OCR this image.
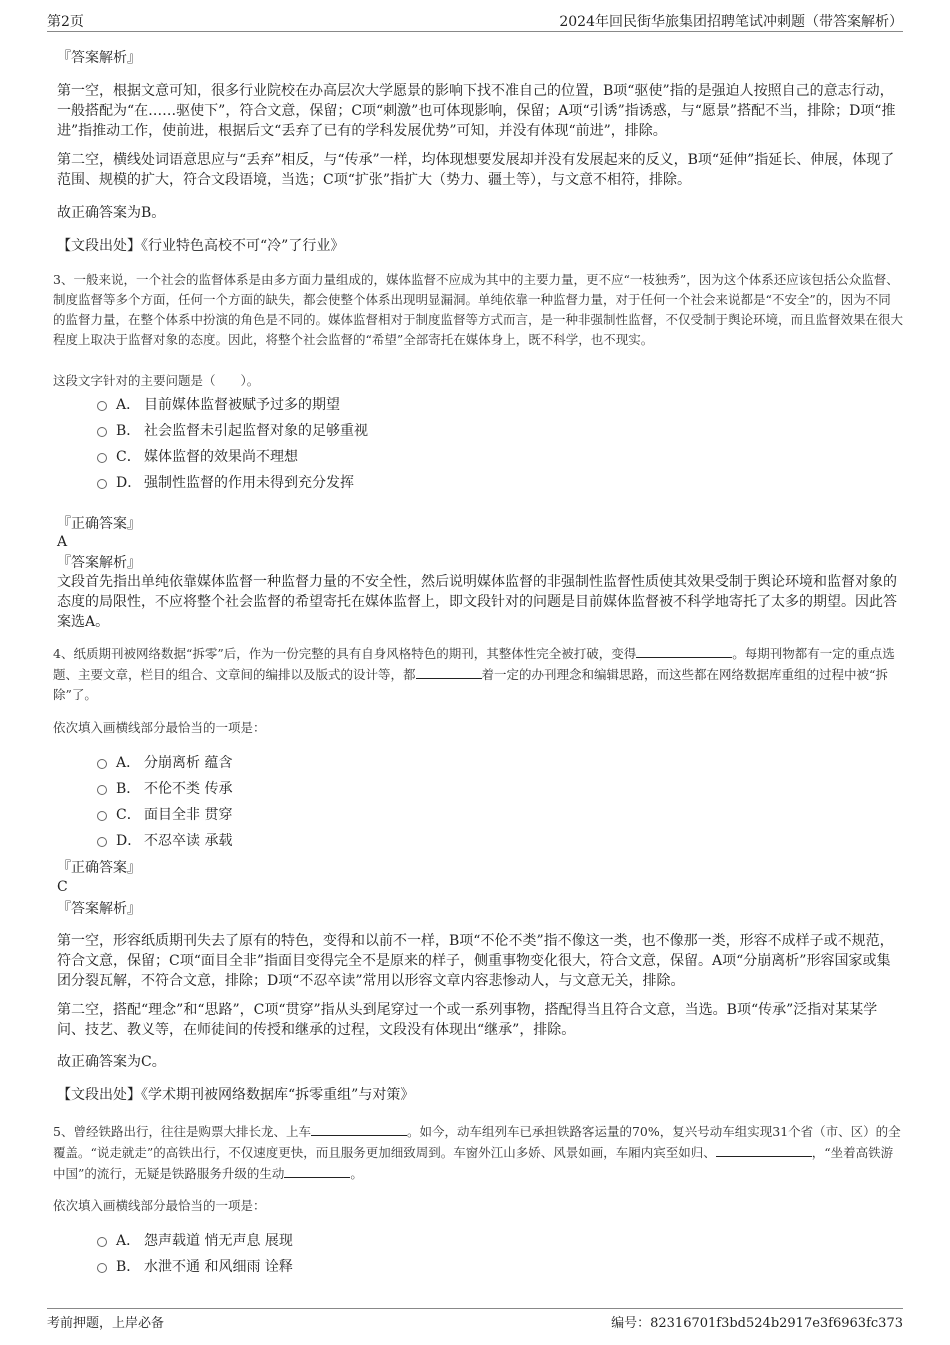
第2页	2024年回民街华旅集团招聘笔试冲刺题（带答案解析）
『答案解析』
第一空，根据文意可知，很多行业院校在办高层次大学愿景的影响下找不准自己的位置，B项“驱使”指的是强迫人按照自己的意志行动，一般搭配为“在……驱使下”，符合文意，保留；C项“刺激”也可体现影响，保留；A项“引诱”指诱惑，与“愿景”搭配不当，排除；D项“推进”指推动工作，使前进，根据后文“丢弃了已有的学科发展优势”可知，并没有体现“前进”，排除。
第二空，横线处词语意思应与“丢弃”相反，与“传承”一样，均体现想要发展却并没有发展起来的反义，B项“延伸”指延长、伸展，体现了范围、规模的扩大，符合文段语境，当选；C项“扩张”指扩大（势力、疆土等），与文意不相符，排除。
故正确答案为B。
【文段出处】《行业特色高校不可“冷”了行业》
3、一般来说，一个社会的监督体系是由多方面力量组成的，媒体监督不应成为其中的主要力量，更不应“一枝独秀”，因为这个体系还应该包括公众监督、制度监督等多个方面，任何一个方面的缺失，都会使整个体系出现明显漏洞。单纯依靠一种监督力量，对于任何一个社会来说都是“不安全”的，因为不同的监督力量，在整个体系中扮演的角色是不同的。媒体监督相对于制度监督等方式而言，是一种非强制性监督，不仅受制于舆论环境，而且监督效果在很大程度上取决于监督对象的态度。因此，将整个社会监督的“希望”全部寄托在媒体身上，既不科学，也不现实。
这段文字针对的主要问题是（　　）。
A． 目前媒体监督被赋予过多的期望
B． 社会监督未引起监督对象的足够重视
C． 媒体监督的效果尚不理想
D． 强制性监督的作用未得到充分发挥
『正确答案』
A
『答案解析』
文段首先指出单纯依靠媒体监督一种监督力量的不安全性，然后说明媒体监督的非强制性监督性质使其效果受制于舆论环境和监督对象的态度的局限性，不应将整个社会监督的希望寄托在媒体监督上，即文段针对的问题是目前媒体监督被不科学地寄托了太多的期望。因此答案选A。
4、纸质期刊被网络数据“拆零”后，作为一份完整的具有自身风格特色的期刊，其整体性完全被打破，变得	。每期刊物都有一定的重点选题、主要文章，栏目的组合、文章间的编排以及版式的设计等，都	着一定的办刊理念和编辑思路，而这些都在网络数据库重组的过程中被“拆除”了。
依次填入画横线部分最恰当的一项是：
A． 分崩离析 蕴含
B． 不伦不类 传承
C． 面目全非 贯穿
D． 不忍卒读 承载
『正确答案』
C
『答案解析』
第一空，形容纸质期刊失去了原有的特色，变得和以前不一样，B项“不伦不类”指不像这一类，也不像那一类，形容不成样子或不规范，符合文意，保留；C项“面目全非”指面目变得完全不是原来的样子，侧重事物变化很大，符合文意，保留。A项“分崩离析”形容国家或集团分裂瓦解，不符合文意，排除；D项“不忍卒读”常用以形容文章内容悲惨动人，与文意无关，排除。
第二空，搭配“理念”和“思路”，C项“贯穿”指从头到尾穿过一个或一系列事物，搭配得当且符合文意，当选。B项“传承”泛指对某某学问、技艺、教义等，在师徒间的传授和继承的过程，文段没有体现出“继承”，排除。
故正确答案为C。
【文段出处】《学术期刊被网络数据库“拆零重组”与对策》
5、曾经铁路出行，往往是购票大排长龙、上车	。如今，动车组列车已承担铁路客运量的70%，复兴号动车组实现31个省（市、区）的全覆盖。“说走就走”的高铁出行，不仅速度更快，而且服务更加细致周到。车窗外江山多娇、风景如画，车厢内宾至如归、	，“坐着高铁游中国”的流行，无疑是铁路服务升级的生动	。
依次填入画横线部分最恰当的一项是：
A． 怨声载道 悄无声息 展现
B． 水泄不通 和风细雨 诠释
考前押题，上岸必备	编号：82316701f3bd524b2917e3f6963fc373
